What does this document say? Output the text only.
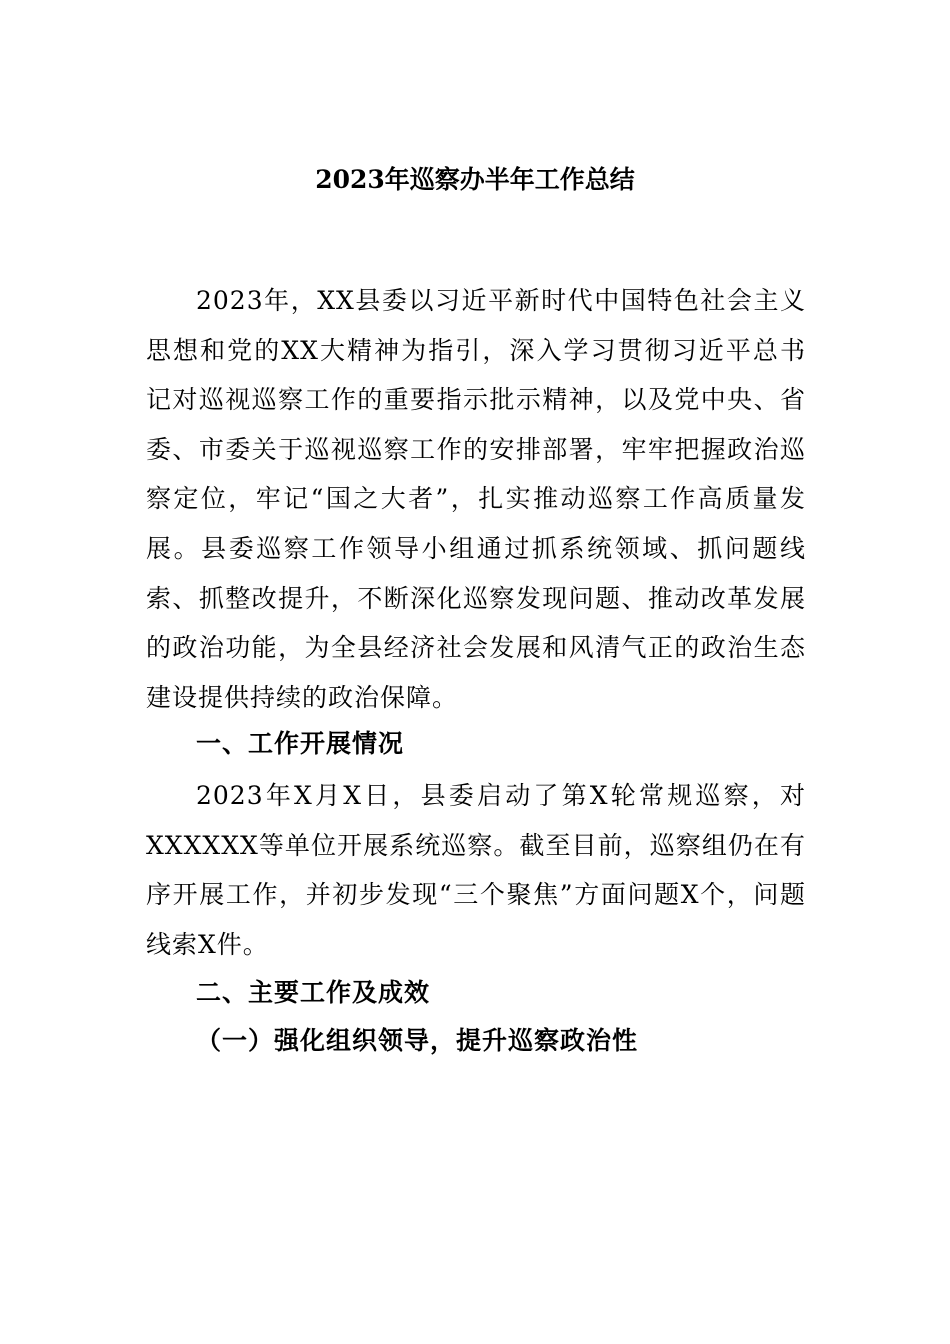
2023年巡察办半年工作总结
2023年，XX县委以习近平新时代中国特色社会主义思想和党的XX大精神为指引，深入学习贯彻习近平总书记对巡视巡察工作的重要指示批示精神，以及党中央、省委、市委关于巡视巡察工作的安排部署，牢牢把握政治巡察定位，牢记“国之大者”，扎实推动巡察工作高质量发展。县委巡察工作领导小组通过抓系统领域、抓问题线索、抓整改提升，不断深化巡察发现问题、推动改革发展的政治功能，为全县经济社会发展和风清气正的政治生态建设提供持续的政治保障。
一、工作开展情况
2023年X月X日，县委启动了第X轮常规巡察，对XXXXXX等单位开展系统巡察。截至目前，巡察组仍在有序开展工作，并初步发现“三个聚焦”方面问题X个，问题线索X件。
二、主要工作及成效
（一）强化组织领导，提升巡察政治性
